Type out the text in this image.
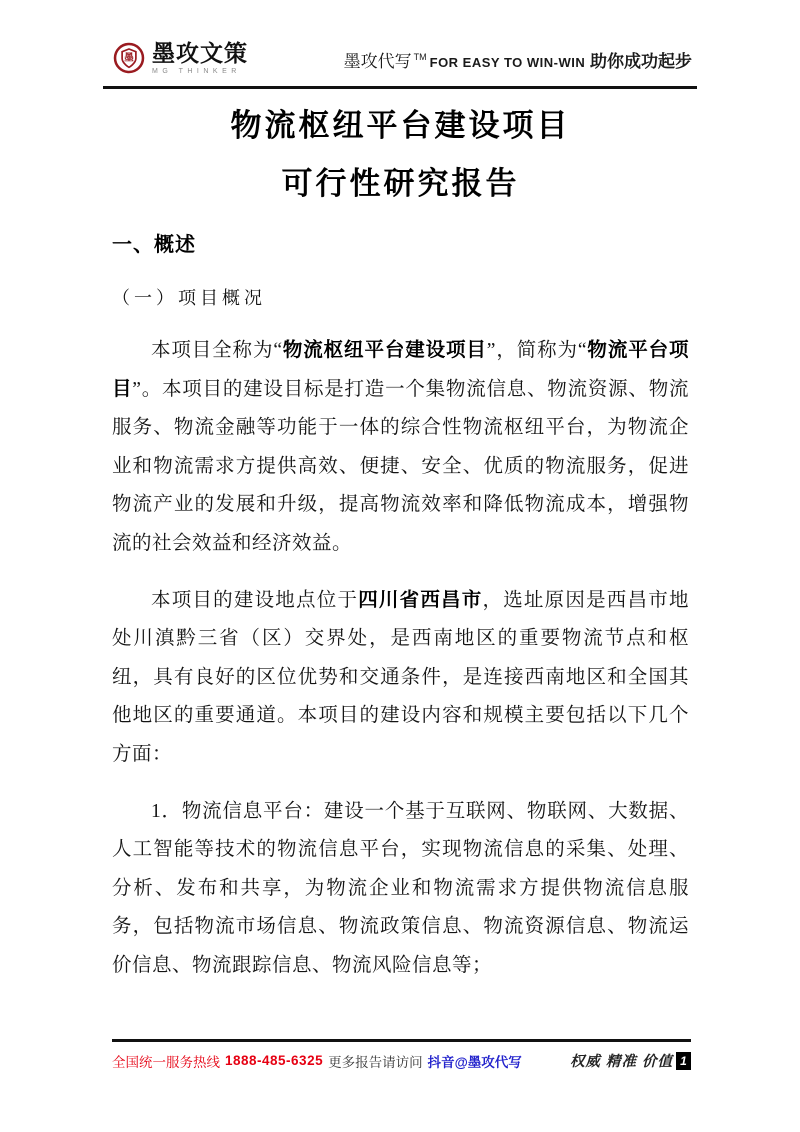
墨 墨攻文策
MG THINKER	墨攻代写 ™ FOR EASY TO WIN-WIN 助你成功起步
物流枢纽平台建设项目
可行性研究报告
一、概述
（一）项目概况

本项目全称为“物流枢纽平台建设项目”，简称为“物流平台项目”。本项目的建设目标是打造一个集物流信息、物流资源、物流服务、物流金融等功能于一体的综合性物流枢纽平台，为物流企业和物流需求方提供高效、便捷、安全、优质的物流服务，促进物流产业的发展和升级，提高物流效率和降低物流成本，增强物流的社会效益和经济效益。

本项目的建设地点位于四川省西昌市，选址原因是西昌市地处川滇黔三省（区）交界处，是西南地区的重要物流节点和枢纽，具有良好的区位优势和交通条件，是连接西南地区和全国其他地区的重要通道。本项目的建设内容和规模主要包括以下几个方面：

1．物流信息平台：建设一个基于互联网、物联网、大数据、人工智能等技术的物流信息平台，实现物流信息的采集、处理、分析、发布和共享，为物流企业和物流需求方提供物流信息服务，包括物流市场信息、物流政策信息、物流资源信息、物流运价信息、物流跟踪信息、物流风险信息等；

全国统一服务热线 1888-485-6325 更多报告请访问 抖音@墨攻代写	权威 精准 价值 1
